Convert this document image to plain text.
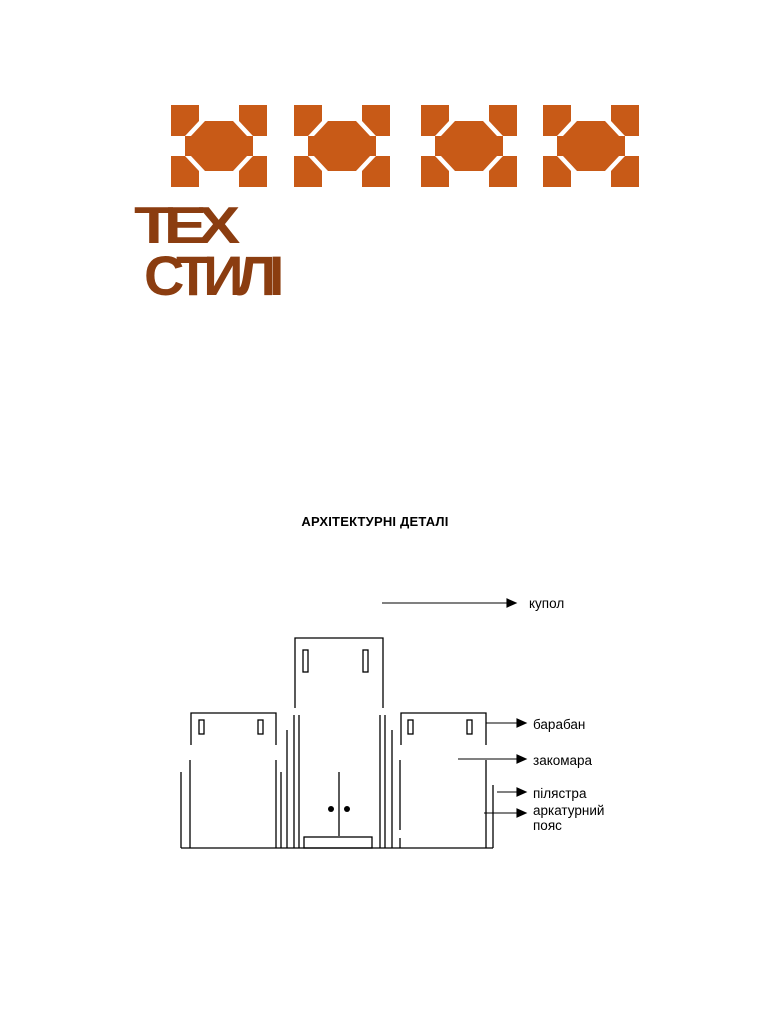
ТЕХ
СТИЛІ
АРХІТЕКТУРНІ ДЕТАЛІ
купол
барабан
закомара
пілястра
аркатурний
пояс
